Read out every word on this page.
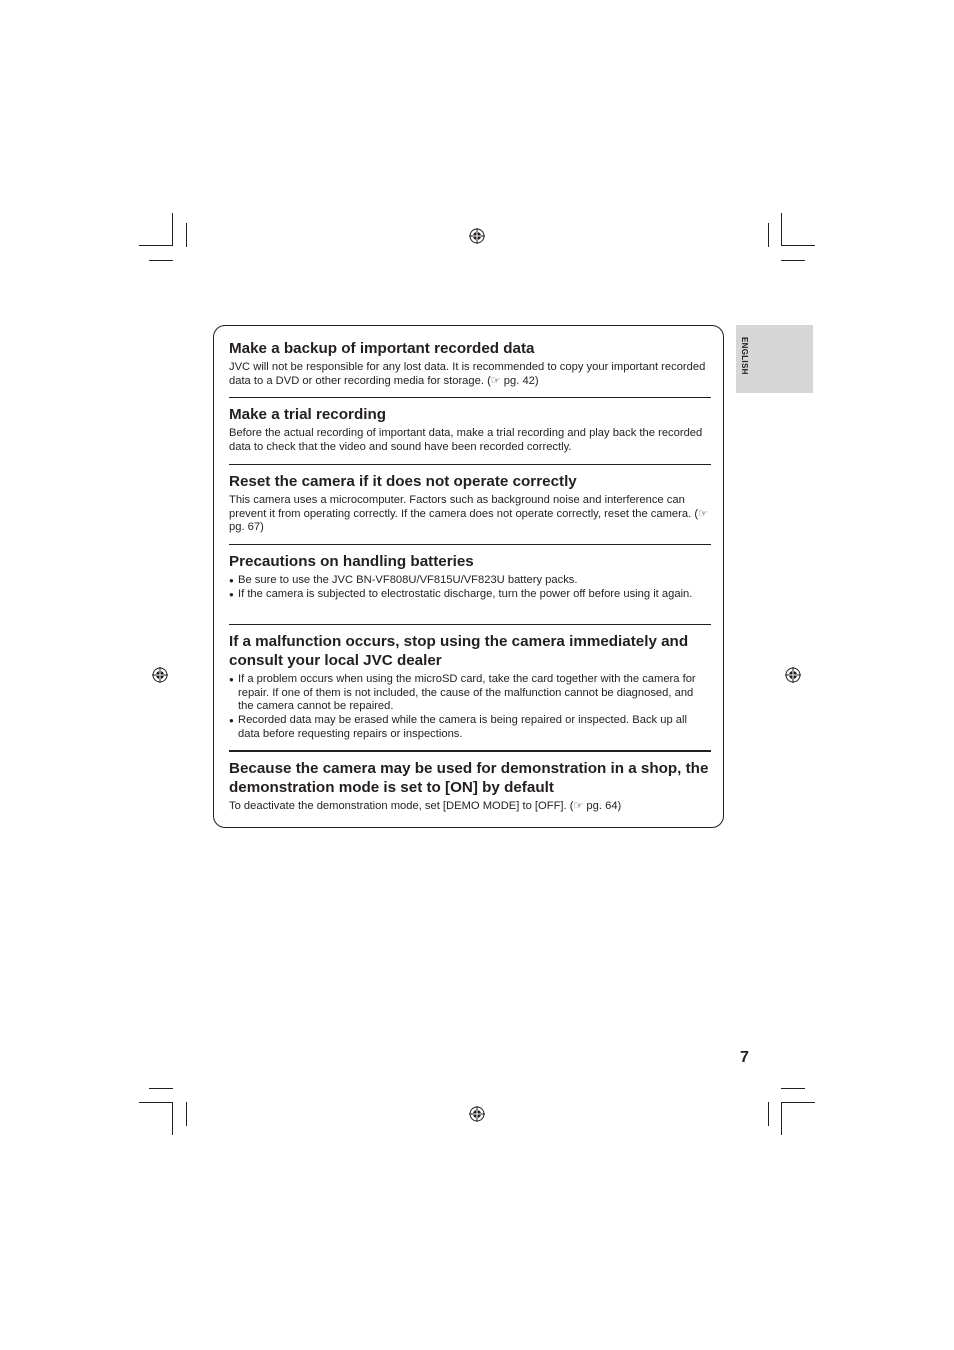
ENGLISH

Make a backup of important recorded data

JVC will not be responsible for any lost data. It is recommended to copy your important recorded data to a DVD or other recording media for storage. (☞ pg. 42)

Make a trial recording

Before the actual recording of important data, make a trial recording and play back the recorded data to check that the video and sound have been recorded correctly.

Reset the camera if it does not operate correctly

This camera uses a microcomputer. Factors such as background noise and interference can prevent it from operating correctly. If the camera does not operate correctly, reset the camera. (☞ pg. 67)

Precautions on handling batteries

● Be sure to use the JVC BN-VF808U/VF815U/VF823U battery packs.
● If the camera is subjected to electrostatic discharge, turn the power off before using it again.

If a malfunction occurs, stop using the camera immediately and consult your local JVC dealer

● If a problem occurs when using the microSD card, take the card together with the camera for repair. If one of them is not included, the cause of the malfunction cannot be diagnosed, and the camera cannot be repaired.
● Recorded data may be erased while the camera is being repaired or inspected. Back up all data before requesting repairs or inspections.

Because the camera may be used for demonstration in a shop, the demonstration mode is set to [ON] by default

To deactivate the demonstration mode, set [DEMO MODE] to [OFF]. (☞ pg. 64)

7
